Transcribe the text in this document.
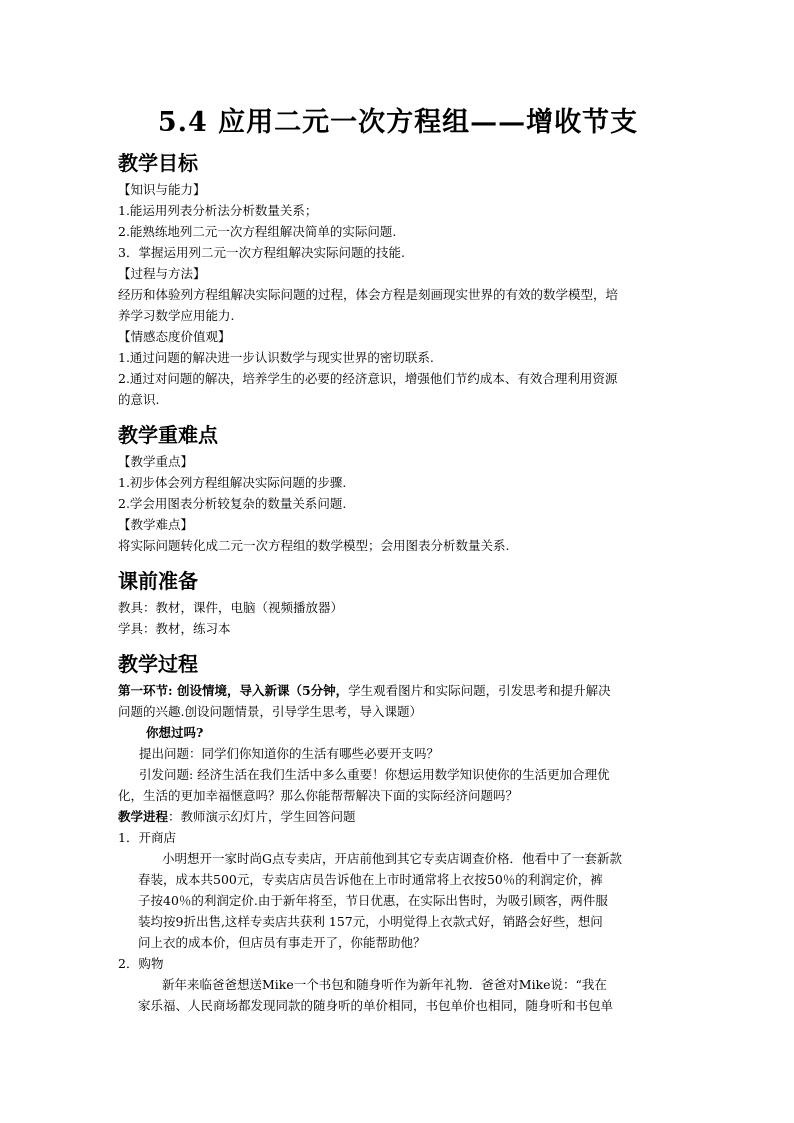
5.4 应用二元一次方程组——增收节支
教学目标
【知识与能力】
1.能运用列表分析法分析数量关系；
2.能熟练地列二元一次方程组解决简单的实际问题.
3．掌握运用列二元一次方程组解决实际问题的技能.
【过程与方法】
经历和体验列方程组解决实际问题的过程，体会方程是刻画现实世界的有效的数学模型，培
养学习数学应用能力.
【情感态度价值观】
1.通过问题的解决进一步认识数学与现实世界的密切联系.
2.通过对问题的解决，培养学生的必要的经济意识，增强他们节约成本、有效合理利用资源
的意识.
教学重难点
【教学重点】
1.初步体会列方程组解决实际问题的步骤.
2.学会用图表分析较复杂的数量关系问题.
【教学难点】
将实际问题转化成二元一次方程组的数学模型；会用图表分析数量关系.
课前准备
教具：教材，课件，电脑（视频播放器）
学具：教材，练习本
教学过程
第一环节: 创设情境，导入新课（5分钟，学生观看图片和实际问题，引发思考和提升解决
问题的兴趣.创设问题情景，引导学生思考，导入课题）
你想过吗?
提出问题：同学们你知道你的生活有哪些必要开支吗？
引发问题: 经济生活在我们生活中多么重要！你想运用数学知识使你的生活更加合理优
化，生活的更加幸福惬意吗？那么你能帮帮解决下面的实际经济问题吗？
教学进程：教师演示幻灯片，学生回答问题
1．开商店
小明想开一家时尚G点专卖店，开店前他到其它专卖店调查价格．他看中了一套新款
春装，成本共500元，专卖店店员告诉他在上市时通常将上衣按50％的利润定价，裤
子按40％的利润定价.由于新年将至，节日优惠，在实际出售时，为吸引顾客，两件服
装均按9折出售,这样专卖店共获利 157元，小明觉得上衣款式好，销路会好些，想问
问上衣的成本价，但店员有事走开了，你能帮助他？
2．购物
新年来临爸爸想送Mike一个书包和随身听作为新年礼物．爸爸对Mike说：“我在
家乐福、人民商场都发现同款的随身听的单价相同，书包单价也相同，随身听和书包单
